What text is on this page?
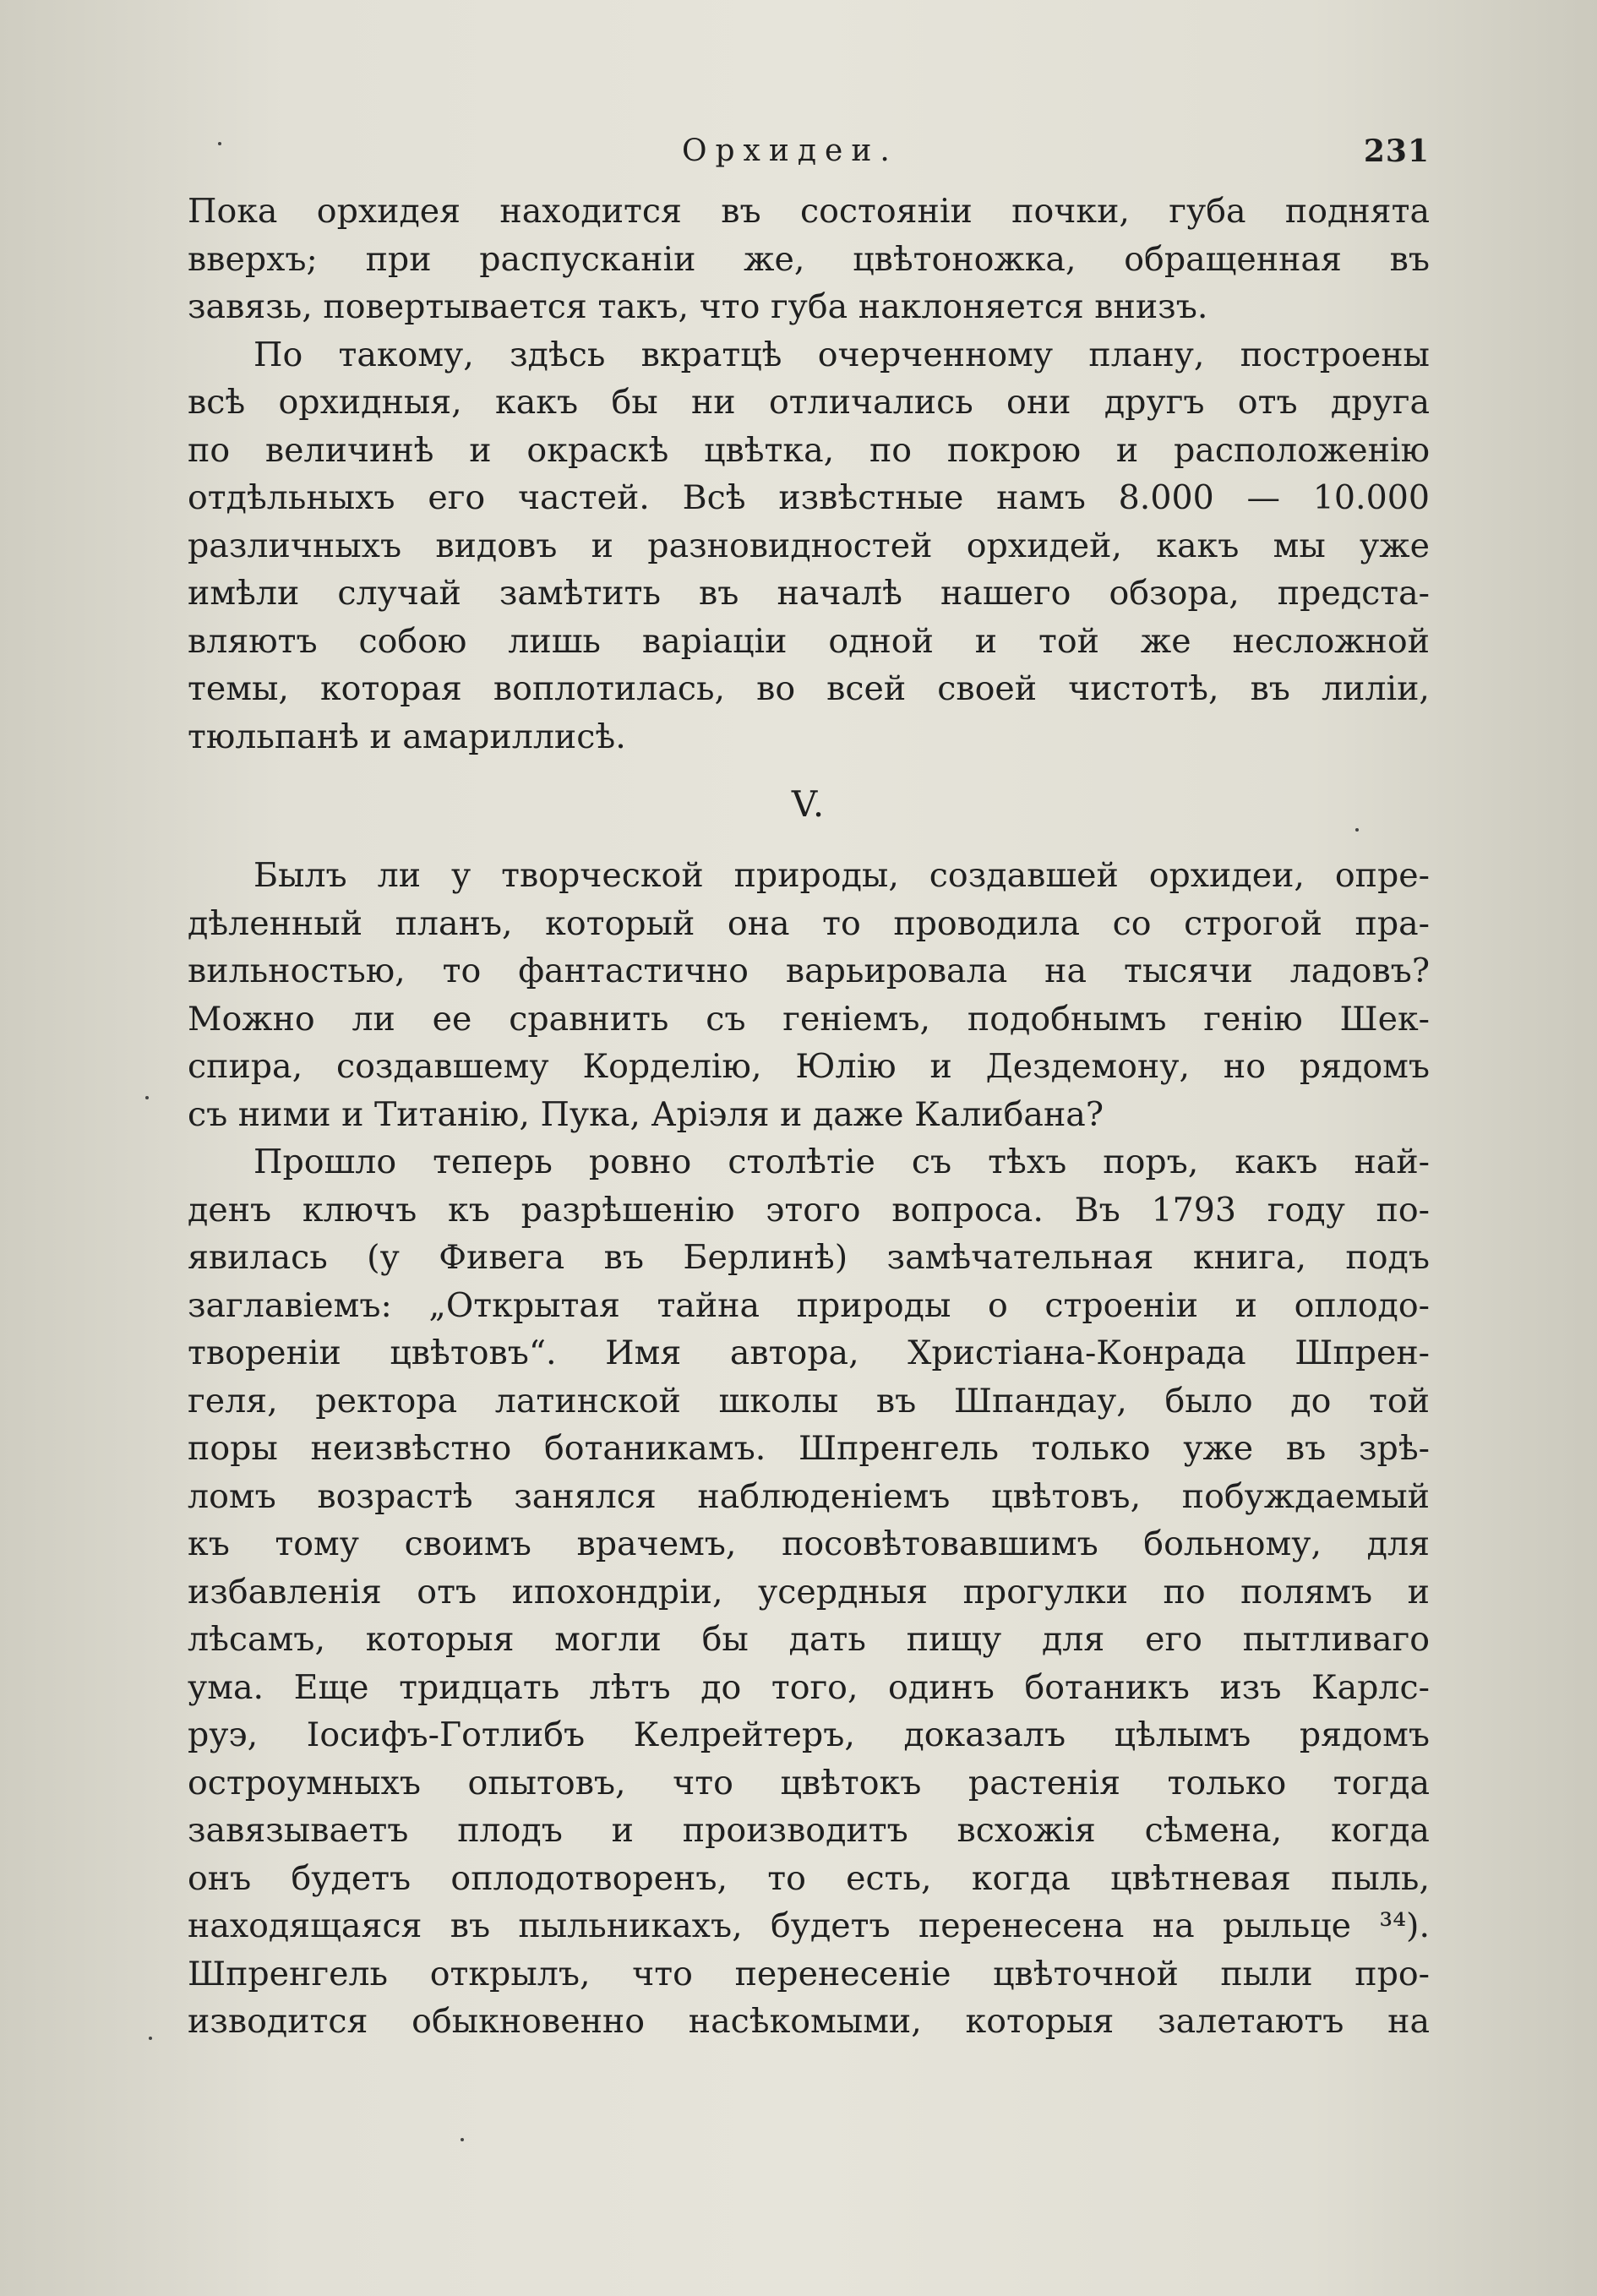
Орхидеи.	231

Пока орхидея находится въ состояніи почки, губа поднята
вверхъ; при распусканіи же, цвѣтоножка, обращенная въ
завязь, повертывается такъ, что губа наклоняется внизъ.

По такому, здѣсь вкратцѣ очерченному плану, построены
всѣ орхидныя, какъ бы ни отличались они другъ отъ друга
по величинѣ и окраскѣ цвѣтка, по покрою и расположенію
отдѣльныхъ его частей. Всѣ извѣстные намъ 8.000 — 10.000
различныхъ видовъ и разновидностей орхидей, какъ мы уже
имѣли случай замѣтить въ началѣ нашего обзора, предста-
вляютъ собою лишь варіаціи одной и той же несложной
темы, которая воплотилась, во всей своей чистотѣ, въ лиліи,
тюльпанѣ и амариллисѣ.

V.

Былъ ли у творческой природы, создавшей орхидеи, опре-
дѣленный планъ, который она то проводила со строгой пра-
вильностью, то фантастично варьировала на тысячи ладовъ?
Можно ли ее сравнить съ геніемъ, подобнымъ генію Шек-
спира, создавшему Корделію, Юлію и Дездемону, но рядомъ
съ ними и Титанію, Пука, Аріэля и даже Калибана?

Прошло теперь ровно столѣтіе съ тѣхъ поръ, какъ най-
денъ ключъ къ разрѣшенію этого вопроса. Въ 1793 году по-
явилась (у Фивега въ Берлинѣ) замѣчательная книга, подъ
заглавіемъ: „Открытая тайна природы о строеніи и оплодо-
твореніи цвѣтовъ“. Имя автора, Христіана-Конрада Шпрен-
геля, ректора латинской школы въ Шпандау, было до той
поры неизвѣстно ботаникамъ. Шпренгель только уже въ зрѣ-
ломъ возрастѣ занялся наблюденіемъ цвѣтовъ, побуждаемый
къ тому своимъ врачемъ, посовѣтовавшимъ больному, для
избавленія отъ ипохондріи, усердныя прогулки по полямъ и
лѣсамъ, которыя могли бы дать пищу для его пытливаго
ума. Еще тридцать лѣтъ до того, одинъ ботаникъ изъ Карлс-
руэ, Іосифъ-Готлибъ Келрейтеръ, доказалъ цѣлымъ рядомъ
остроумныхъ опытовъ, что цвѣтокъ растенія только тогда
завязываетъ плодъ и производитъ всхожія сѣмена, когда
онъ будетъ оплодотворенъ, то есть, когда цвѣтневая пыль,
находящаяся въ пыльникахъ, будетъ перенесена на рыльце ³⁴).
Шпренгель открылъ, что перенесеніе цвѣточной пыли про-
изводится обыкновенно насѣкомыми, которыя залетаютъ на
